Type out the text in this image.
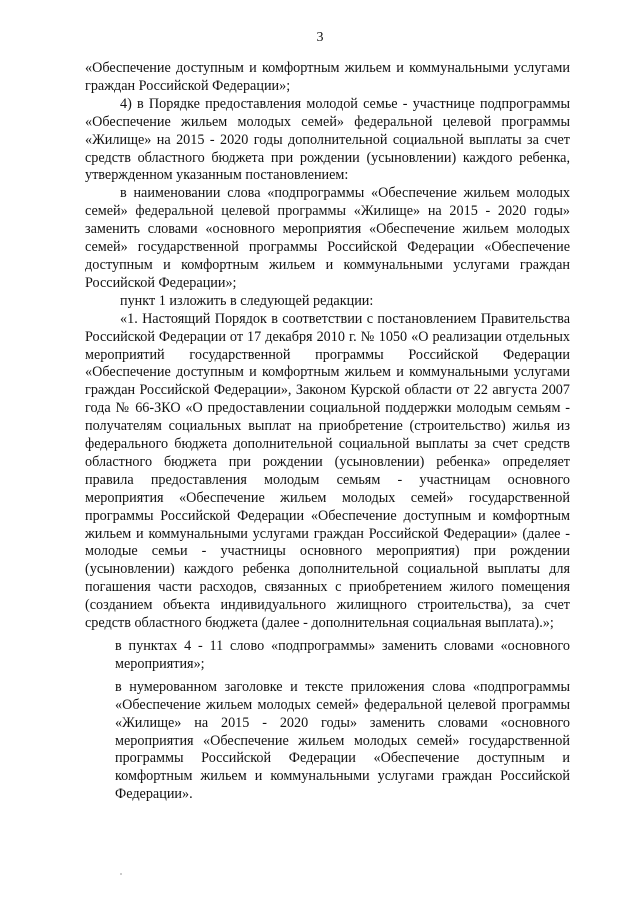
3

«Обеспечение доступным и комфортным жильем и коммунальными услугами граждан Российской Федерации»;

4) в Порядке предоставления молодой семье - участнице подпрограммы «Обеспечение жильем молодых семей» федеральной целевой программы «Жилище» на 2015 - 2020 годы дополнительной социальной выплаты за счет средств областного бюджета при рождении (усыновлении) каждого ребенка, утвержденном указанным постановлением:

в наименовании слова «подпрограммы «Обеспечение жильем молодых семей» федеральной целевой программы «Жилище» на 2015 - 2020 годы» заменить словами «основного мероприятия «Обеспечение жильем молодых семей» государственной программы Российской Федерации «Обеспечение доступным и комфортным жильем и коммунальными услугами граждан Российской Федерации»;

пункт 1 изложить в следующей редакции:

«1. Настоящий Порядок в соответствии с постановлением Правительства Российской Федерации от 17 декабря 2010 г. № 1050 «О реализации отдельных мероприятий государственной программы Российской Федерации «Обеспечение доступным и комфортным жильем и коммунальными услугами граждан Российской Федерации», Законом Курской области от 22 августа 2007 года № 66-ЗКО «О предоставлении социальной поддержки молодым семьям - получателям социальных выплат на приобретение (строительство) жилья из федерального бюджета дополнительной социальной выплаты за счет средств областного бюджета при рождении (усыновлении) ребенка» определяет правила предоставления молодым семьям - участницам основного мероприятия «Обеспечение жильем молодых семей» государственной программы Российской Федерации «Обеспечение доступным и комфортным жильем и коммунальными услугами граждан Российской Федерации» (далее - молодые семьи - участницы основного мероприятия) при рождении (усыновлении) каждого ребенка дополнительной социальной выплаты для погашения части расходов, связанных с приобретением жилого помещения (созданием объекта индивидуального жилищного строительства), за счет средств областного бюджета (далее - дополнительная социальная выплата).»;

в пунктах 4 - 11 слово «подпрограммы» заменить словами «основного мероприятия»;

в нумерованном заголовке и тексте приложения слова «подпрограммы «Обеспечение жильем молодых семей» федеральной целевой программы «Жилище» на 2015 - 2020 годы» заменить словами «основного мероприятия «Обеспечение жильем молодых семей» государственной программы Российской Федерации «Обеспечение доступным и комфортным жильем и коммунальными услугами граждан Российской Федерации».
